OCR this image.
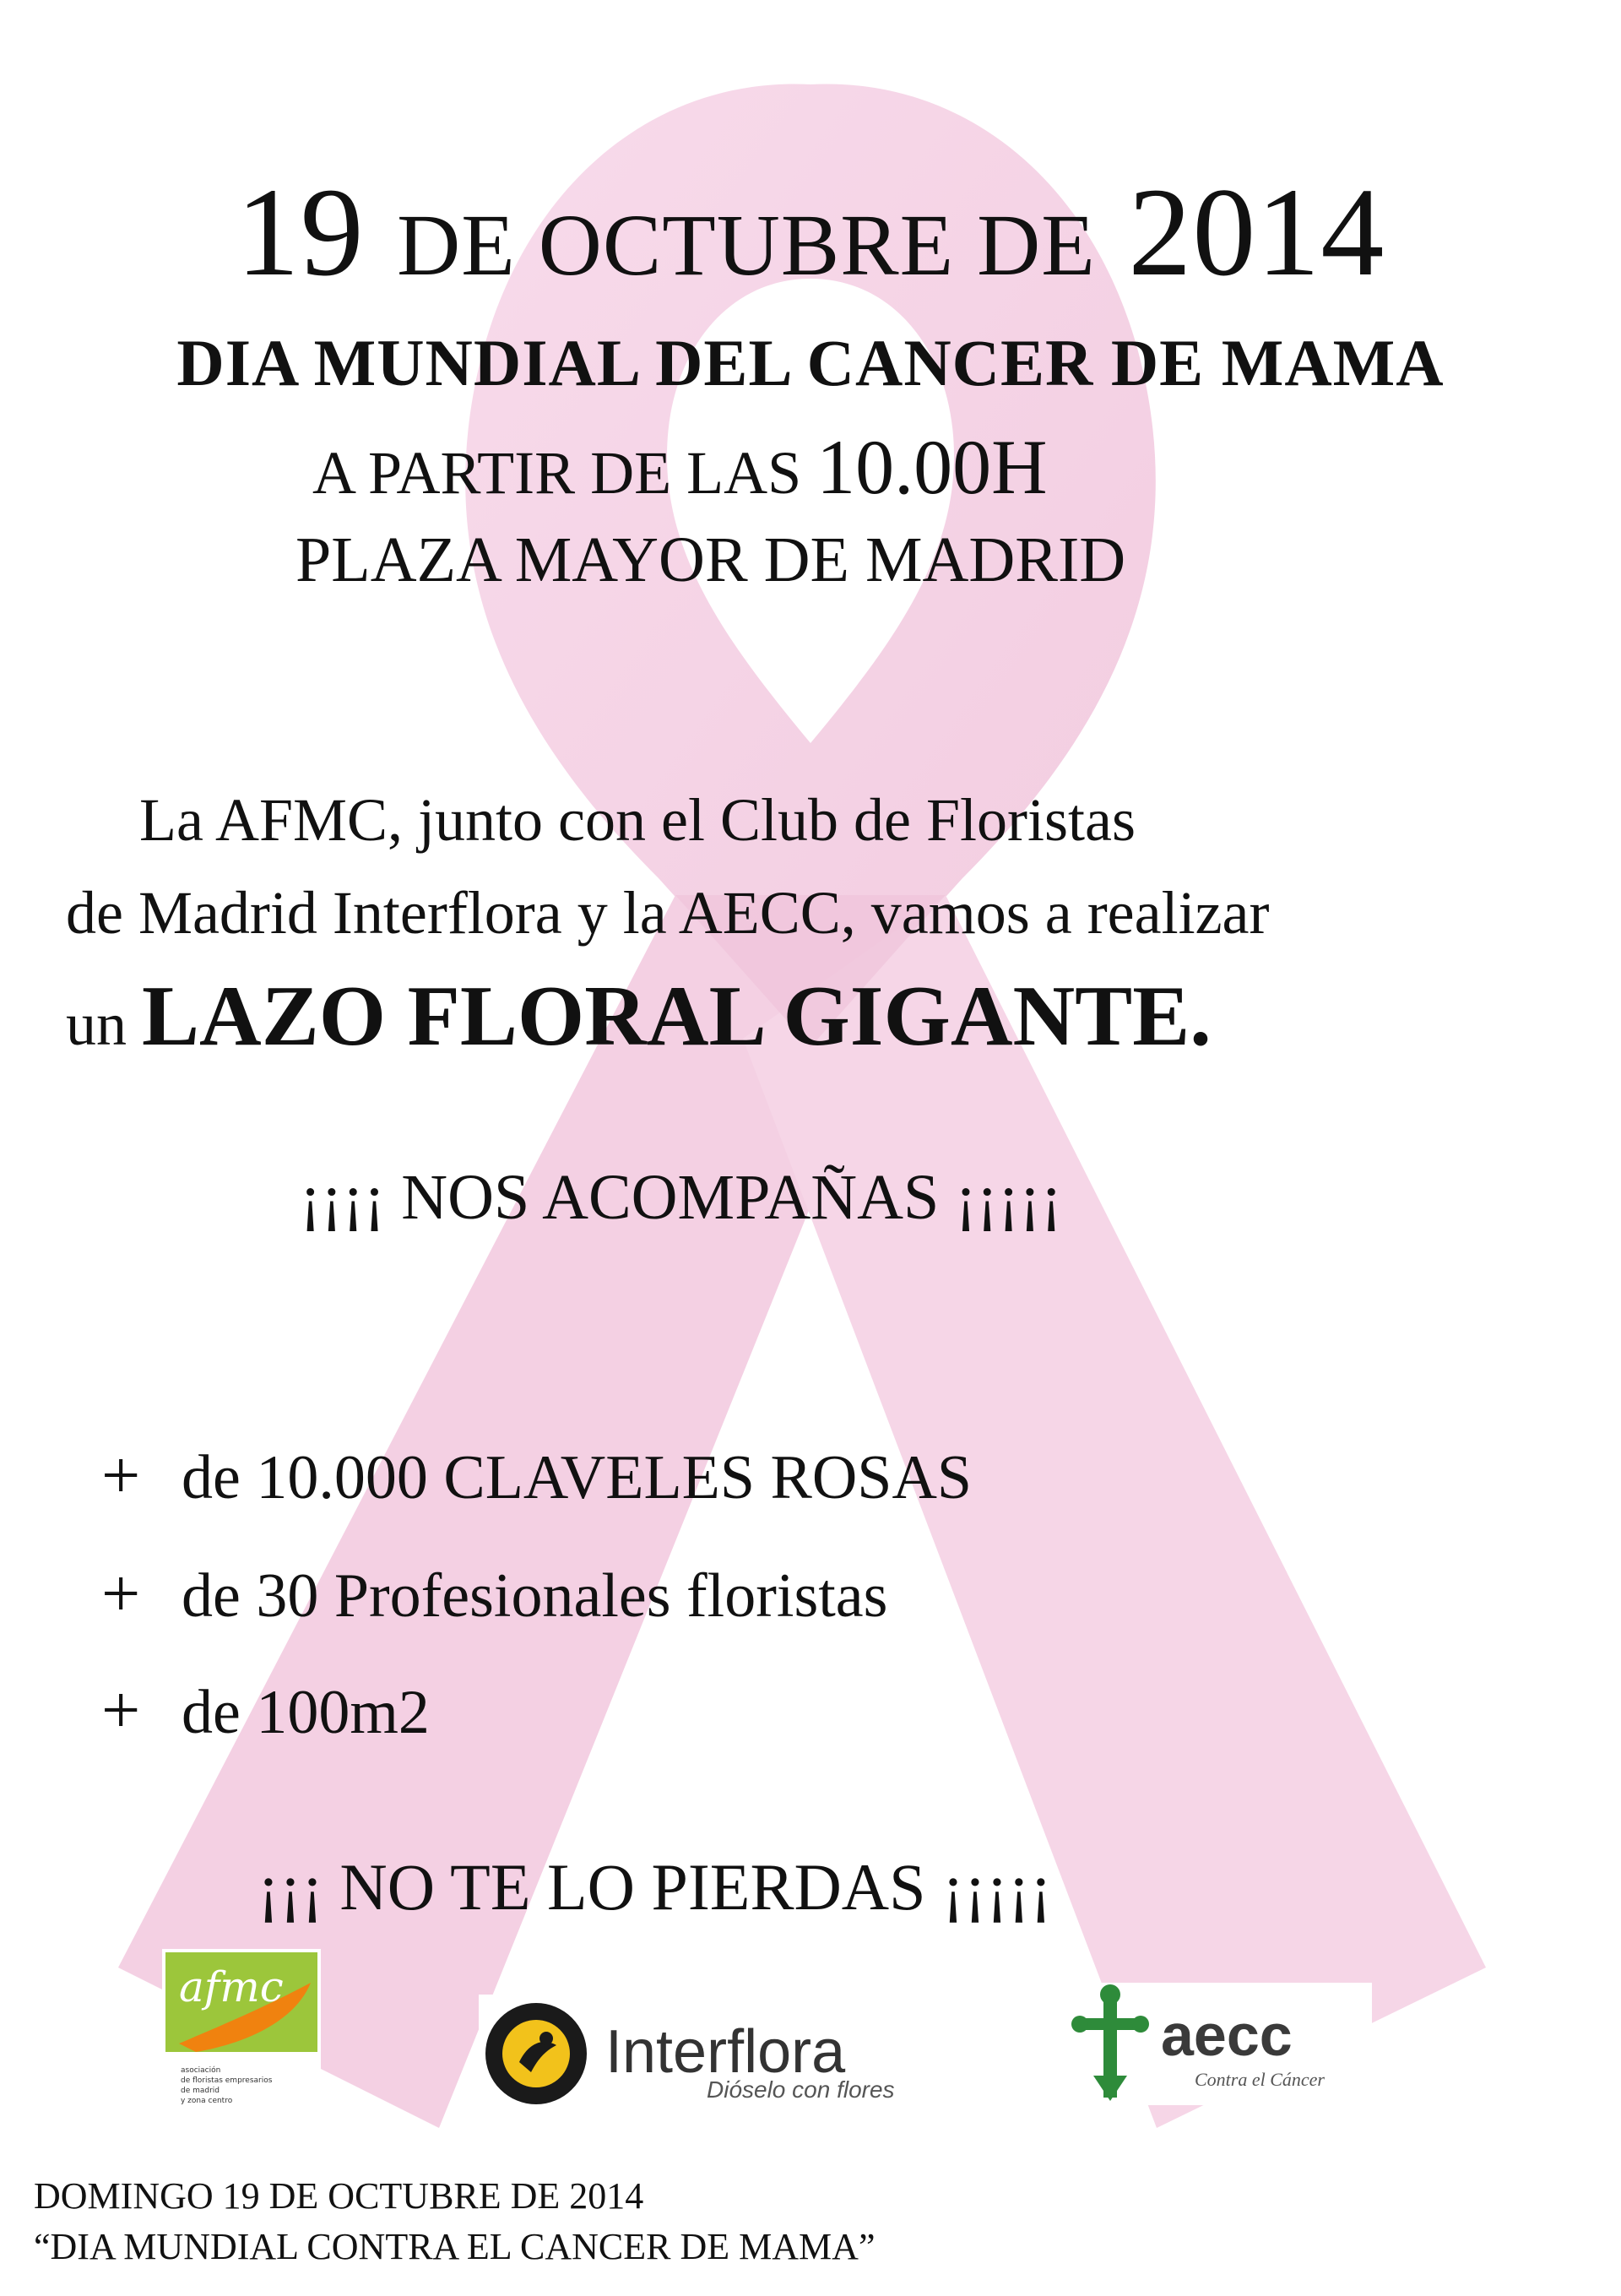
19 DE OCTUBRE DE 2014
DIA MUNDIAL DEL CANCER DE MAMA
A PARTIR DE LAS 10.00H
PLAZA MAYOR DE MADRID
La AFMC, junto con el Club de Floristas
de Madrid Interflora y la AECC, vamos a realizar
un LAZO FLORAL GIGANTE.
¡¡¡¡ NOS ACOMPAÑAS ¡¡¡¡¡
+ de 10.000 CLAVELES ROSAS
+ de 30 Profesionales floristas
+ de 100m2
¡¡¡ NO TE LO PIERDAS ¡¡¡¡¡
afmc
asociación
de floristas empresarios
de madrid
y zona centro
Interflora
Dióselo con flores
aecc
Contra el Cáncer
DOMINGO 19 DE OCTUBRE DE 2014
“DIA MUNDIAL CONTRA EL CANCER DE MAMA”
